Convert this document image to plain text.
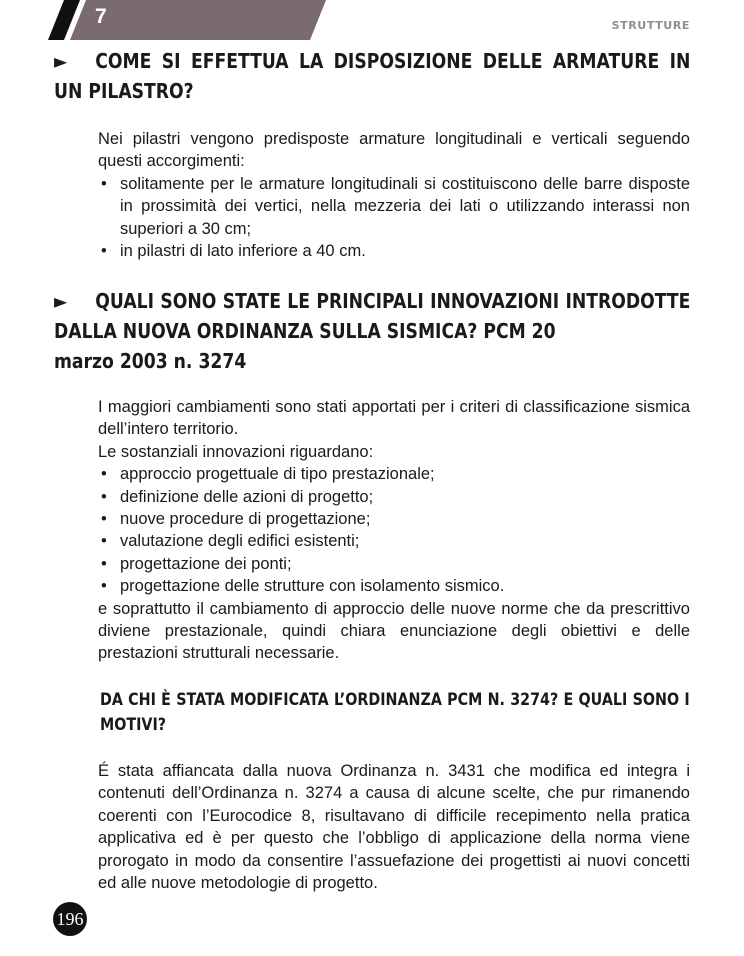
7	STRUTTURE
► COME SI EFFETTUA LA DISPOSIZIONE DELLE ARMATURE IN UN PILASTRO?

Nei pilastri vengono predisposte armature longitudinali e verticali seguendo questi accorgimenti:

• solitamente per le armature longitudinali si costituiscono delle barre disposte in prossimità dei vertici, nella mezzeria dei lati o utilizzando interassi non superiori a 30 cm;
• in pilastri di lato inferiore a 40 cm.
► QUALI SONO STATE LE PRINCIPALI INNOVAZIONI INTRODOTTE DALLA NUOVA ORDINANZA SULLA SISMICA? PCM 20
marzo 2003 n. 3274

I maggiori cambiamenti sono stati apportati per i criteri di classificazione sismica dell’intero territorio.

Le sostanziali innovazioni riguardano:

• approccio progettuale di tipo prestazionale;
• definizione delle azioni di progetto;
• nuove procedure di progettazione;
• valutazione degli edifici esistenti;
• progettazione dei ponti;
• progettazione delle strutture con isolamento sismico.

e soprattutto il cambiamento di approccio delle nuove norme che da prescrittivo diviene prestazionale, quindi chiara enunciazione degli obiettivi e delle prestazioni strutturali necessarie.

DA CHI È STATA MODIFICATA L’ORDINANZA PCM N. 3274? E QUALI SONO I MOTIVI?

É stata affiancata dalla nuova Ordinanza n. 3431 che modifica ed integra i contenuti dell’Ordinanza n. 3274 a causa di alcune scelte, che pur rimanendo coerenti con l’Eurocodice 8, risultavano di difficile recepimento nella pratica applicativa ed è per questo che l’obbligo di applicazione della norma viene prorogato in modo da consentire l’assuefazione dei progettisti ai nuovi concetti ed alle nuove metodologie di progetto.

196
